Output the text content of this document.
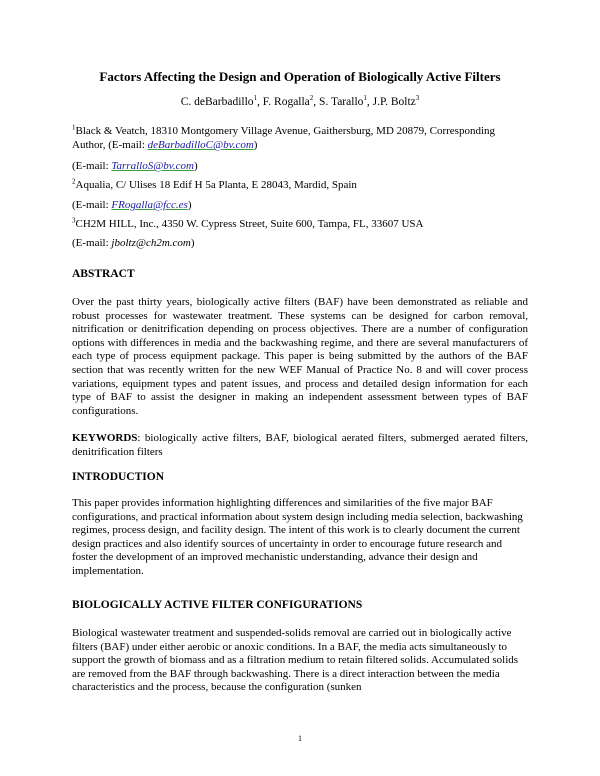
Factors Affecting the Design and Operation of Biologically Active Filters
C. deBarbadillo$^1$, F. Rogalla$^2$, S. Tarallo$^1$, J.P. Boltz$^3$
$^1$Black & Veatch, 18310 Montgomery Village Avenue, Gaithersburg, MD 20879, Corresponding
Author, (E-mail: deBarbadilloC@bv.com)
(E-mail: TarralloS@bv.com)
$^2$Aqualia, C/ Ulises 18 Edif H 5a Planta, E 28043, Mardid, Spain
(E-mail: FRogalla@fcc.es)
$^3$CH2M HILL, Inc., 4350 W. Cypress Street, Suite 600, Tampa, FL, 33607 USA
(E-mail: jboltz@ch2m.com)
ABSTRACT
Over the past thirty years, biologically active filters (BAF) have been demonstrated as reliable and robust processes for wastewater treatment. These systems can be designed for carbon removal, nitrification or denitrification depending on process objectives. There are a number of configuration options with differences in media and the backwashing regime, and there are several manufacturers of each type of process equipment package. This paper is being submitted by the authors of the BAF section that was recently written for the new WEF Manual of Practice No. 8 and will cover process variations, equipment types and patent issues, and process and detailed design information for each type of BAF to assist the designer in making an independent assessment between types of BAF configurations.
KEYWORDS: biologically active filters, BAF, biological aerated filters, submerged aerated filters, denitrification filters
INTRODUCTION
This paper provides information highlighting differences and similarities of the five major BAF configurations, and practical information about system design including media selection, backwashing regimes, process design, and facility design. The intent of this work is to clearly document the current design practices and also identify sources of uncertainty in order to encourage future research and foster the development of an improved mechanistic understanding, advance their design and implementation.
BIOLOGICALLY ACTIVE FILTER CONFIGURATIONS
Biological wastewater treatment and suspended-solids removal are carried out in biologically active filters (BAF) under either aerobic or anoxic conditions. In a BAF, the media acts simultaneously to support the growth of biomass and as a filtration medium to retain filtered solids. Accumulated solids are removed from the BAF through backwashing. There is a direct interaction between the media characteristics and the process, because the configuration (sunken
1
